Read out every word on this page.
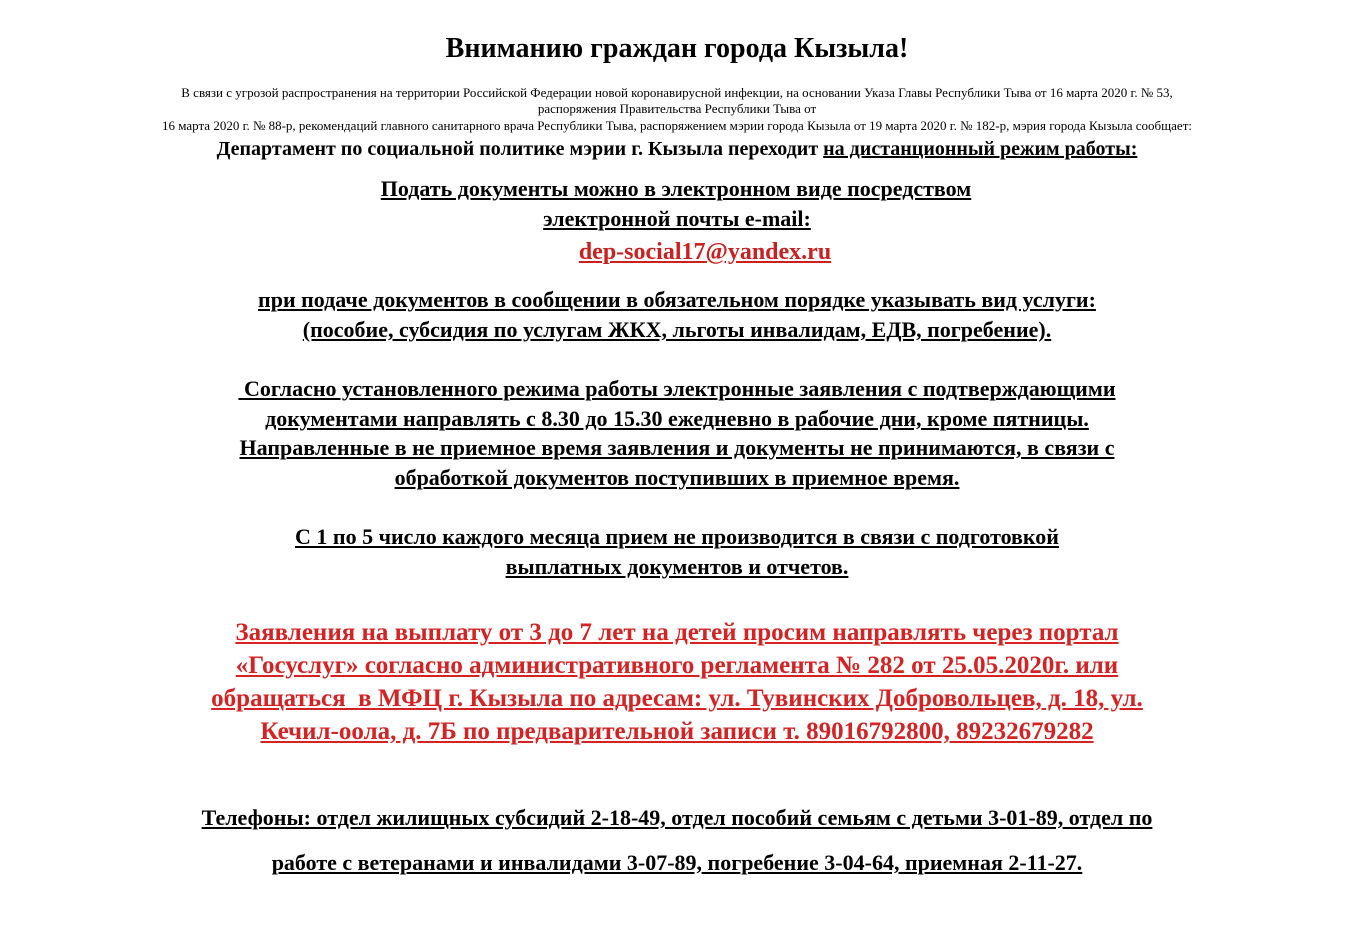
Вниманию граждан города Кызыла!
В связи с угрозой распространения на территории Российской Федерации новой коронавирусной инфекции, на основании Указа Главы Республики Тыва от 16 марта 2020 г. № 53,
распоряжения Правительства Республики Тыва от
16 марта 2020 г. № 88-р, рекомендаций главного санитарного врача Республики Тыва, распоряжением мэрии города Кызыла от 19 марта 2020 г. № 182-р, мэрия города Кызыла сообщает:
Департамент по социальной политике мэрии г. Кызыла переходит на дистанционный режим работы:
Подать документы можно в электронном виде посредством
электронной почты e-mail:
dep-social17@yandex.ru
при подаче документов в сообщении в обязательном порядке указывать вид услуги:
(пособие, субсидия по услугам ЖКХ, льготы инвалидам, ЕДВ, погребение).
Согласно установленного режима работы электронные заявления с подтверждающими
документами направлять с 8.30 до 15.30 ежедневно в рабочие дни, кроме пятницы.
Направленные в не приемное время заявления и документы не принимаются, в связи с
обработкой документов поступивших в приемное время.
С 1 по 5 число каждого месяца прием не производится в связи с подготовкой
выплатных документов и отчетов.
Заявления на выплату от 3 до 7 лет на детей просим направлять через портал
«Госуслуг» согласно административного регламента № 282 от 25.05.2020г. или
обращаться  в МФЦ г. Кызыла по адресам: ул. Тувинских Добровольцев, д. 18, ул.
Кечил-оола, д. 7Б по предварительной записи т. 89016792800, 89232679282
Телефоны: отдел жилищных субсидий 2-18-49, отдел пособий семьям с детьми 3-01-89, отдел по
работе с ветеранами и инвалидами 3-07-89, погребение 3-04-64, приемная 2-11-27.
